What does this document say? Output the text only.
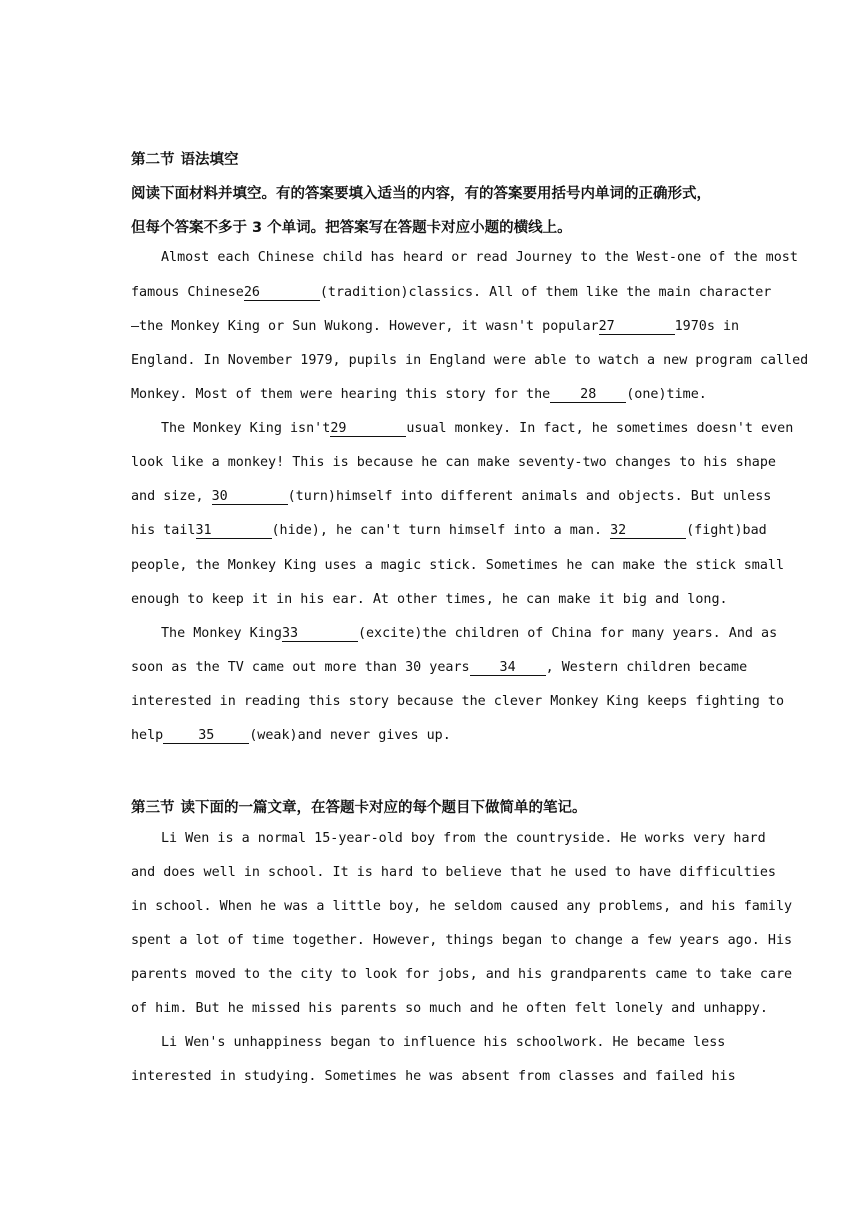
第二节 语法填空
阅读下面材料并填空。有的答案要填入适当的内容，有的答案要用括号内单词的正确形式，
但每个答案不多于 3 个单词。把答案写在答题卡对应小题的横线上。
Almost each Chinese child has heard or read Journey to the West-one of the most
famous Chinese26	(tradition)classics. All of them like the main character
—the Monkey King or Sun Wukong. However, it wasn't popular27	1970s in
England. In November 1979, pupils in England were able to watch a new program called
Monkey. Most of them were hearing this story for the 28 (one)time.
The Monkey King isn't29	usual monkey. In fact, he sometimes doesn't even
look like a monkey! This is because he can make seventy-two changes to his shape
and size, 30	(turn)himself into different animals and objects. But unless
his tail31	(hide), he can't turn himself into a man. 32	(fight)bad
people, the Monkey King uses a magic stick. Sometimes he can make the stick small
enough to keep it in his ear. At other times, he can make it big and long.
The Monkey King33	(excite)the children of China for many years. And as
soon as the TV came out more than 30 years 34 , Western children became
interested in reading this story because the clever Monkey King keeps fighting to
help	35	(weak)and never gives up.
第三节 读下面的一篇文章，在答题卡对应的每个题目下做简单的笔记。
Li Wen is a normal 15-year-old boy from the countryside. He works very hard
and does well in school. It is hard to believe that he used to have difficulties
in school. When he was a little boy, he seldom caused any problems, and his family
spent a lot of time together. However, things began to change a few years ago. His
parents moved to the city to look for jobs, and his grandparents came to take care
of him. But he missed his parents so much and he often felt lonely and unhappy.
Li Wen's unhappiness began to influence his schoolwork. He became less
interested in studying. Sometimes he was absent from classes and failed his
